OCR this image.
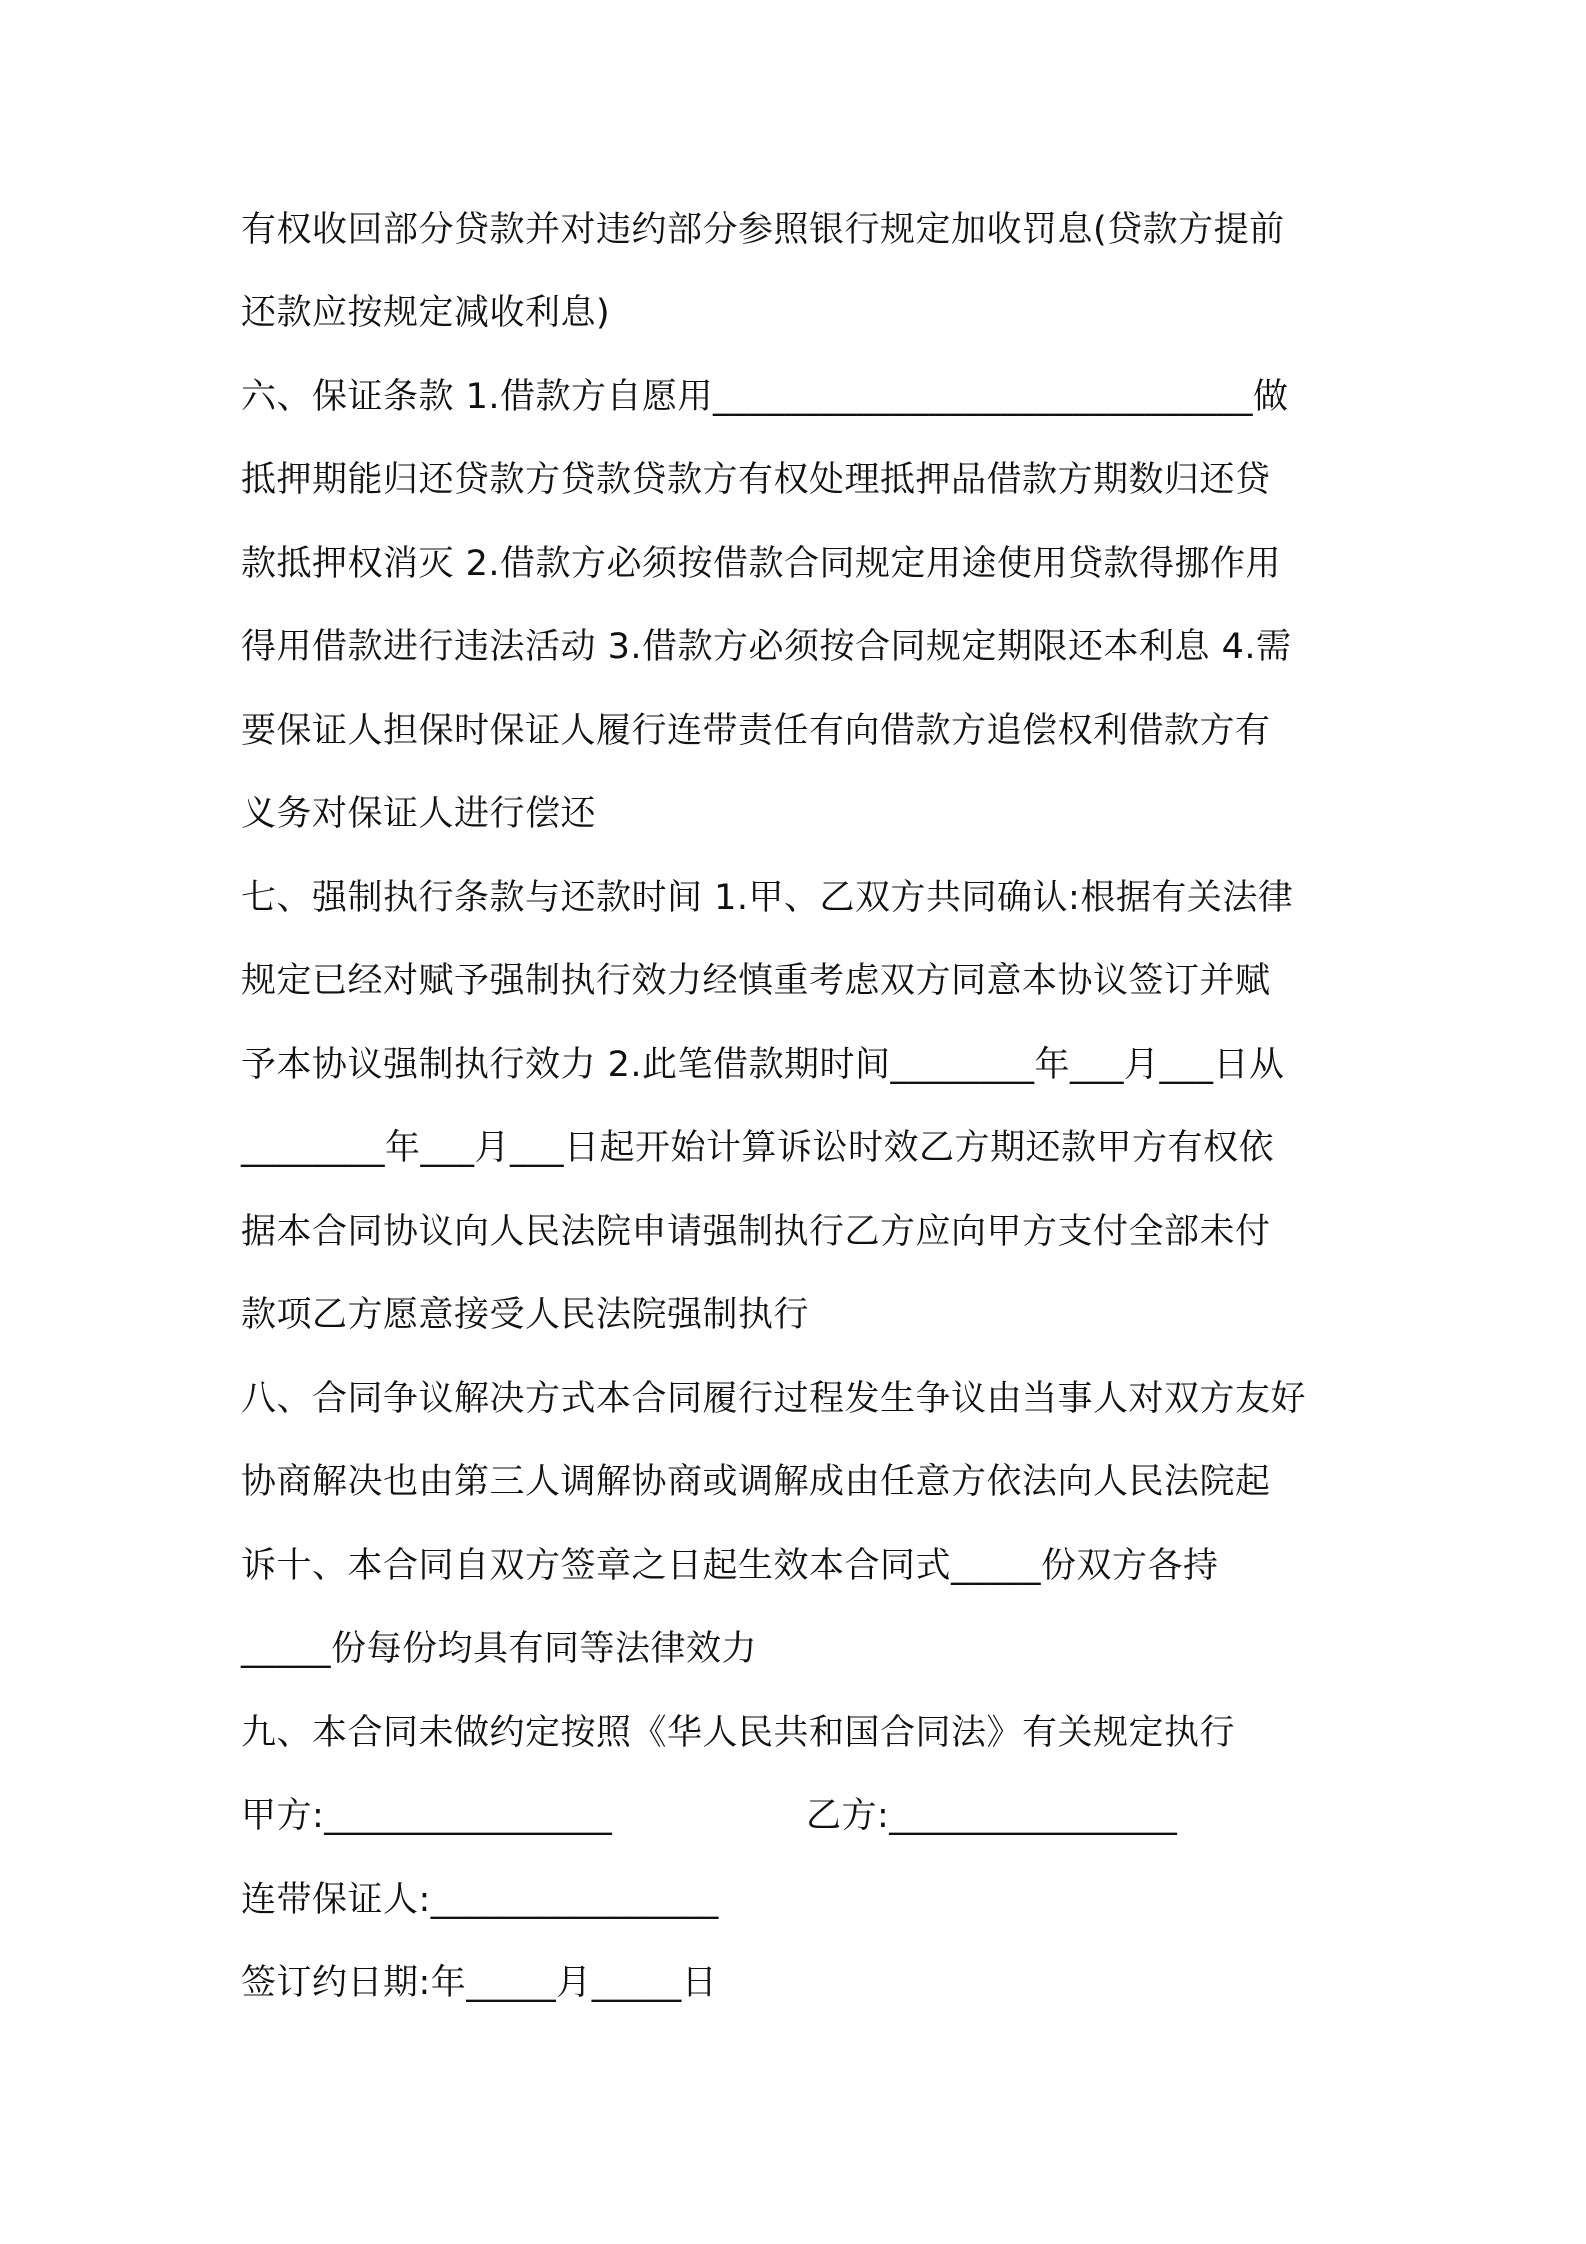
有权收回部分贷款并对违约部分参照银行规定加收罚息(贷款方提前
还款应按规定减收利息)
六、保证条款 1.借款方自愿用______________________________做
抵押期能归还贷款方贷款贷款方有权处理抵押品借款方期数归还贷
款抵押权消灭 2.借款方必须按借款合同规定用途使用贷款得挪作用
得用借款进行违法活动 3.借款方必须按合同规定期限还本利息 4.需
要保证人担保时保证人履行连带责任有向借款方追偿权利借款方有
义务对保证人进行偿还
七、强制执行条款与还款时间 1.甲、乙双方共同确认:根据有关法律
规定已经对赋予强制执行效力经慎重考虑双方同意本协议签订并赋
予本协议强制执行效力 2.此笔借款期时间________年___月___日从
________年___月___日起开始计算诉讼时效乙方期还款甲方有权依
据本合同协议向人民法院申请强制执行乙方应向甲方支付全部未付
款项乙方愿意接受人民法院强制执行
八、合同争议解决方式本合同履行过程发生争议由当事人对双方友好
协商解决也由第三人调解协商或调解成由任意方依法向人民法院起
诉十、本合同自双方签章之日起生效本合同式_____份双方各持
_____份每份均具有同等法律效力
九、本合同未做约定按照《华人民共和国合同法》有关规定执行
甲方:________________	乙方:________________
连带保证人:________________
签订约日期:年_____月_____日
